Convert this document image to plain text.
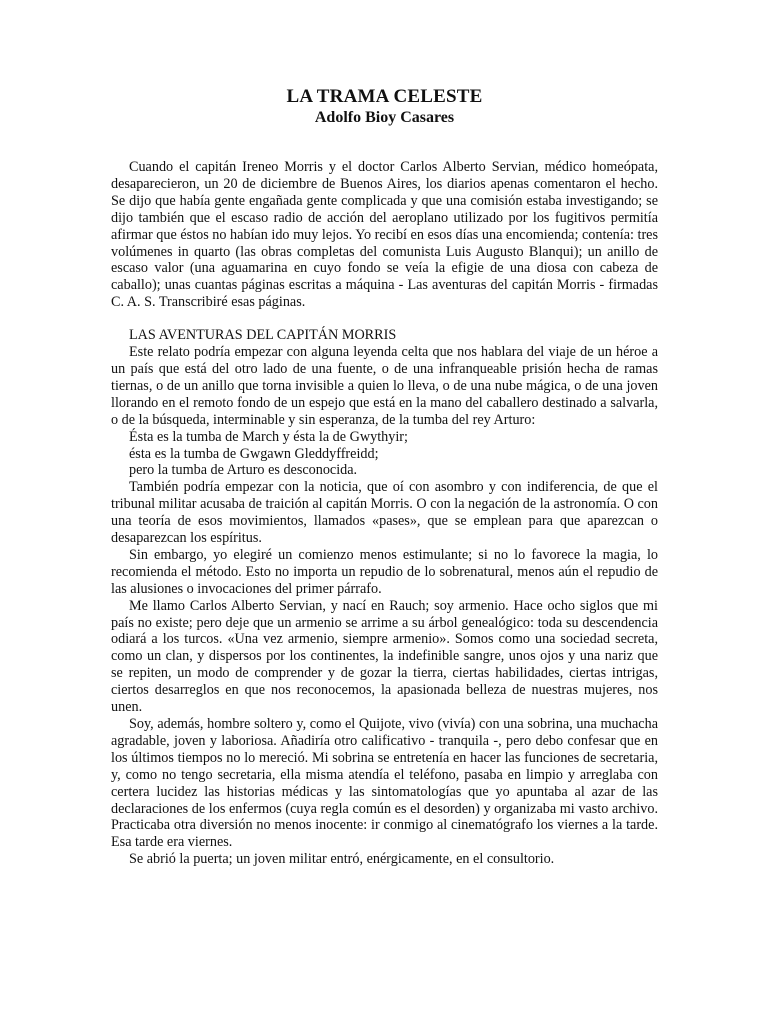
LA TRAMA CELESTE
Adolfo Bioy Casares

Cuando el capitán Ireneo Morris y el doctor Carlos Alberto Servian, médico homeópata, desaparecieron, un 20 de diciembre de Buenos Aires, los diarios apenas comentaron el hecho. Se dijo que había gente engañada gente complicada y que una comisión estaba investigando; se dijo también que el escaso radio de acción del aeroplano utilizado por los fugitivos permitía afirmar que éstos no habían ido muy lejos. Yo recibí en esos días una encomienda; contenía: tres volúmenes in quarto (las obras completas del comunista Luis Augusto Blanqui); un anillo de escaso valor (una aguamarina en cuyo fondo se veía la efigie de una diosa con cabeza de caballo); unas cuantas páginas escritas a máquina - Las aventuras del capitán Morris - firmadas C. A. S. Transcribiré esas páginas.

LAS AVENTURAS DEL CAPITÁN MORRIS

Este relato podría empezar con alguna leyenda celta que nos hablara del viaje de un héroe a un país que está del otro lado de una fuente, o de una infranqueable prisión hecha de ramas tiernas, o de un anillo que torna invisible a quien lo lleva, o de una nube mágica, o de una joven llorando en el remoto fondo de un espejo que está en la mano del caballero destinado a salvarla, o de la búsqueda, interminable y sin esperanza, de la tumba del rey Arturo:

Ésta es la tumba de March y ésta la de Gwythyir;

ésta es la tumba de Gwgawn Gleddyffreidd;

pero la tumba de Arturo es desconocida.

También podría empezar con la noticia, que oí con asombro y con indiferencia, de que el tribunal militar acusaba de traición al capitán Morris. O con la negación de la astronomía. O con una teoría de esos movimientos, llamados «pases», que se emplean para que aparezcan o desaparezcan los espíritus.

Sin embargo, yo elegiré un comienzo menos estimulante; si no lo favorece la magia, lo recomienda el método. Esto no importa un repudio de lo sobrenatural, menos aún el repudio de las alusiones o invocaciones del primer párrafo.

Me llamo Carlos Alberto Servian, y nací en Rauch; soy armenio. Hace ocho siglos que mi país no existe; pero deje que un armenio se arrime a su árbol genealógico: toda su descendencia odiará a los turcos. «Una vez armenio, siempre armenio». Somos como una sociedad secreta, como un clan, y dispersos por los continentes, la indefinible sangre, unos ojos y una nariz que se repiten, un modo de comprender y de gozar la tierra, ciertas habilidades, ciertas intrigas, ciertos desarreglos en que nos reconocemos, la apasionada belleza de nuestras mujeres, nos unen.

Soy, además, hombre soltero y, como el Quijote, vivo (vivía) con una sobrina, una muchacha agradable, joven y laboriosa. Añadiría otro calificativo - tranquila -, pero debo confesar que en los últimos tiempos no lo mereció. Mi sobrina se entretenía en hacer las funciones de secretaria, y, como no tengo secretaria, ella misma atendía el teléfono, pasaba en limpio y arreglaba con certera lucidez las historias médicas y las sintomatologías que yo apuntaba al azar de las declaraciones de los enfermos (cuya regla común es el desorden) y organizaba mi vasto archivo. Practicaba otra diversión no menos inocente: ir conmigo al cinematógrafo los viernes a la tarde. Esa tarde era viernes.

Se abrió la puerta; un joven militar entró, enérgicamente, en el consultorio.
